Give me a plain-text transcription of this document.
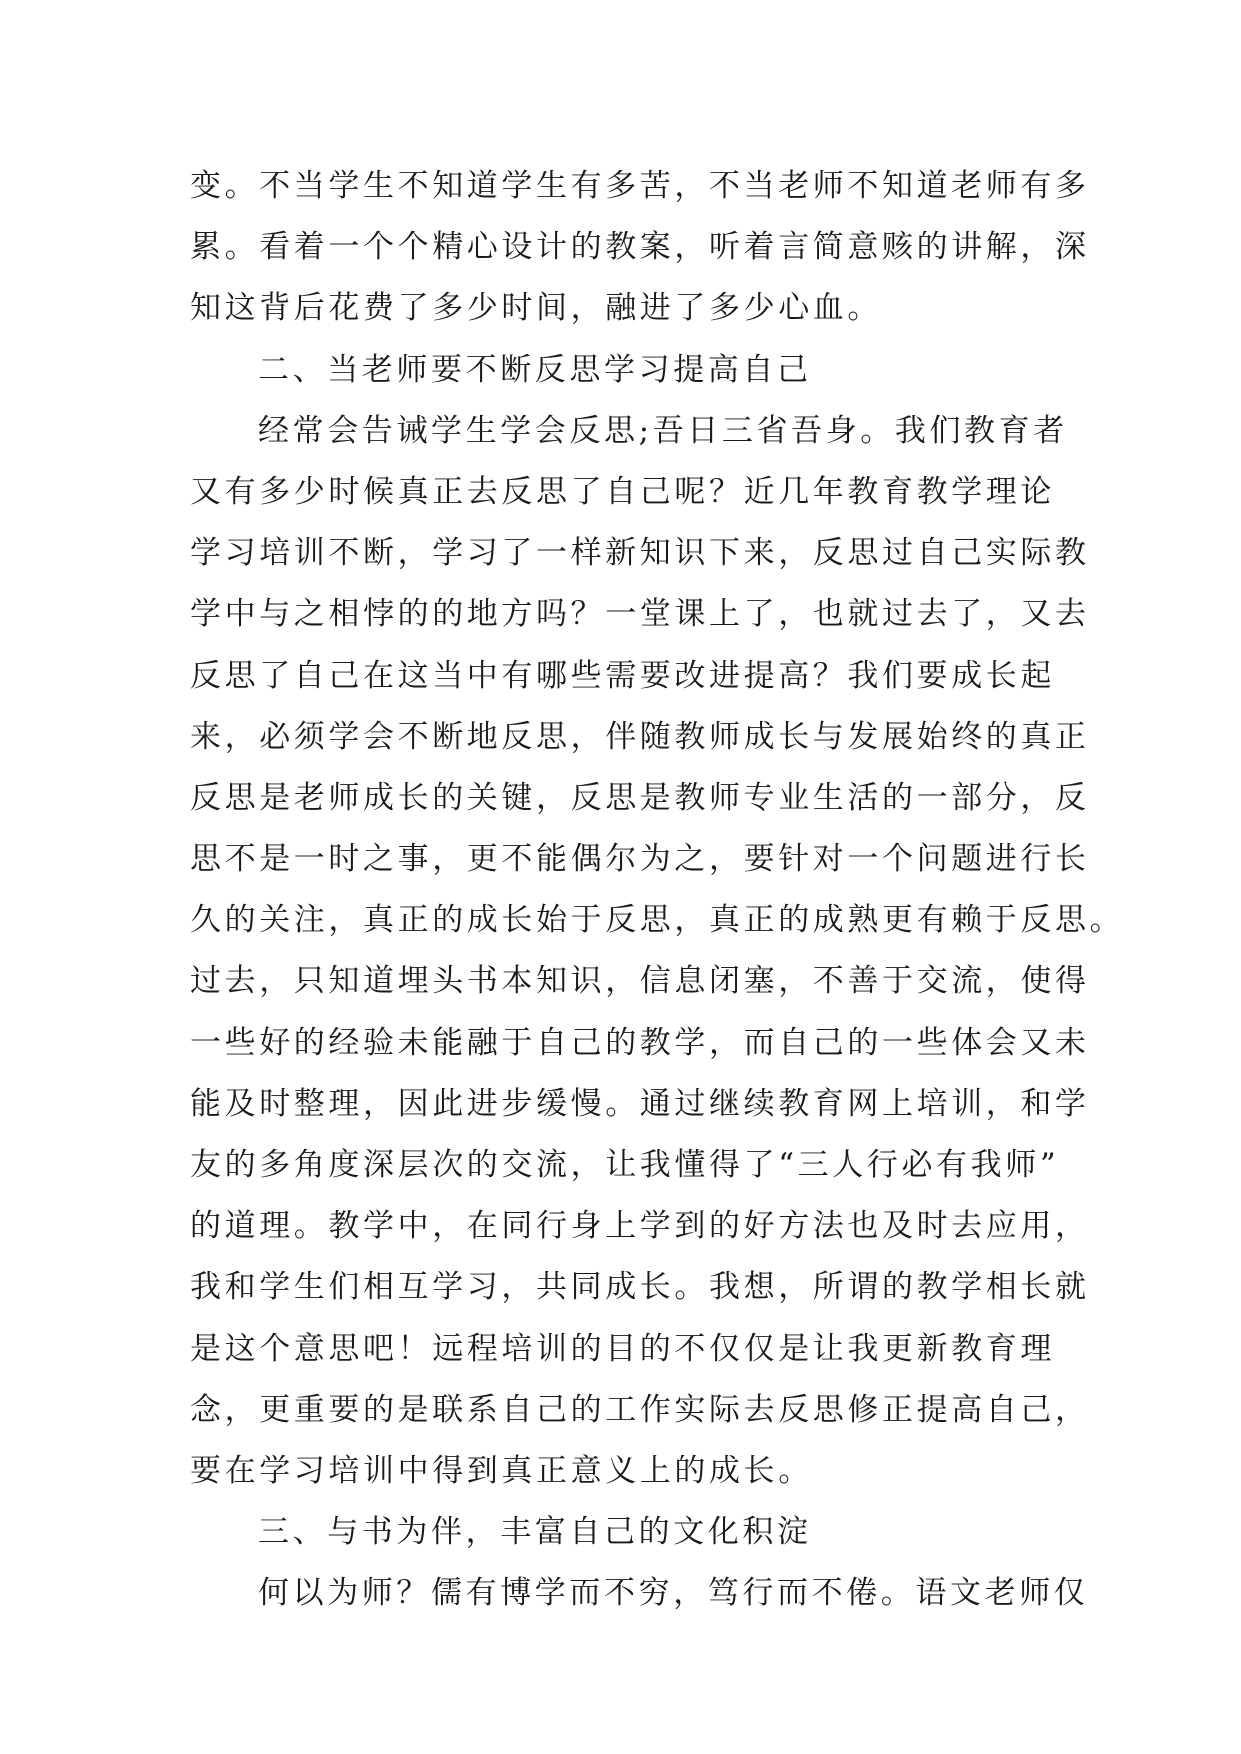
变。不当学生不知道学生有多苦，不当老师不知道老师有多
累。看着一个个精心设计的教案，听着言简意赅的讲解，深
知这背后花费了多少时间，融进了多少心血。
二、当老师要不断反思学习提高自己
经常会告诫学生学会反思;吾日三省吾身。我们教育者
又有多少时候真正去反思了自己呢？近几年教育教学理论
学习培训不断，学习了一样新知识下来，反思过自己实际教
学中与之相悖的的地方吗？一堂课上了，也就过去了，又去
反思了自己在这当中有哪些需要改进提高？我们要成长起
来，必须学会不断地反思，伴随教师成长与发展始终的真正
反思是老师成长的关键，反思是教师专业生活的一部分，反
思不是一时之事，更不能偶尔为之，要针对一个问题进行长
久的关注，真正的成长始于反思，真正的成熟更有赖于反思。
过去，只知道埋头书本知识，信息闭塞，不善于交流，使得
一些好的经验未能融于自己的教学，而自己的一些体会又未
能及时整理，因此进步缓慢。通过继续教育网上培训，和学
友的多角度深层次的交流，让我懂得了“三人行必有我师”
的道理。教学中，在同行身上学到的好方法也及时去应用，
我和学生们相互学习，共同成长。我想，所谓的教学相长就
是这个意思吧！远程培训的目的不仅仅是让我更新教育理
念，更重要的是联系自己的工作实际去反思修正提高自己，
要在学习培训中得到真正意义上的成长。
三、与书为伴，丰富自己的文化积淀
何以为师？儒有博学而不穷，笃行而不倦。语文老师仅
